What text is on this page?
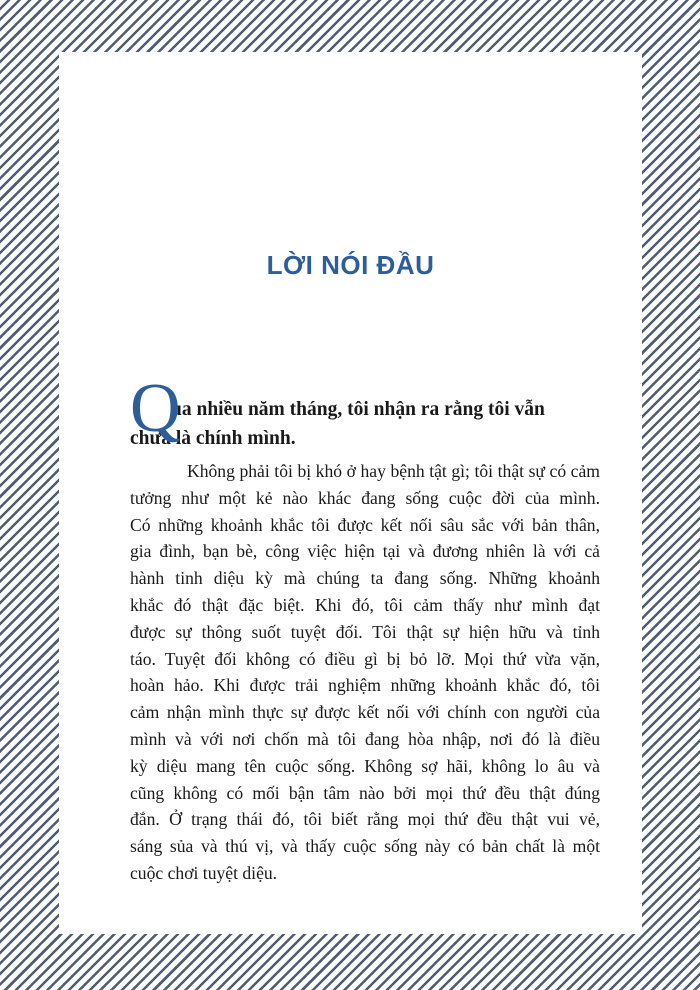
LỜI NÓI ĐẦU
Q
ua nhiều năm tháng, tôi nhận ra rằng tôi vẫn
chưa là chính mình.
Không phải tôi bị khó ở hay bệnh tật gì; tôi thật sự có cảm
tưởng như một kẻ nào khác đang sống cuộc đời của mình.
Có những khoảnh khắc tôi được kết nối sâu sắc với bản thân,
gia đình, bạn bè, công việc hiện tại và đương nhiên là với cả
hành tinh diệu kỳ mà chúng ta đang sống. Những khoảnh
khắc đó thật đặc biệt. Khi đó, tôi cảm thấy như mình đạt
được sự thông suốt tuyệt đối. Tôi thật sự hiện hữu và tỉnh
táo. Tuyệt đối không có điều gì bị bỏ lỡ. Mọi thứ vừa vặn,
hoàn hảo. Khi được trải nghiệm những khoảnh khắc đó, tôi
cảm nhận mình thực sự được kết nối với chính con người của
mình và với nơi chốn mà tôi đang hòa nhập, nơi đó là điều
kỳ diệu mang tên cuộc sống. Không sợ hãi, không lo âu và
cũng không có mối bận tâm nào bởi mọi thứ đều thật đúng
đắn. Ở trạng thái đó, tôi biết rằng mọi thứ đều thật vui vẻ,
sáng sủa và thú vị, và thấy cuộc sống này có bản chất là một
cuộc chơi tuyệt diệu.
